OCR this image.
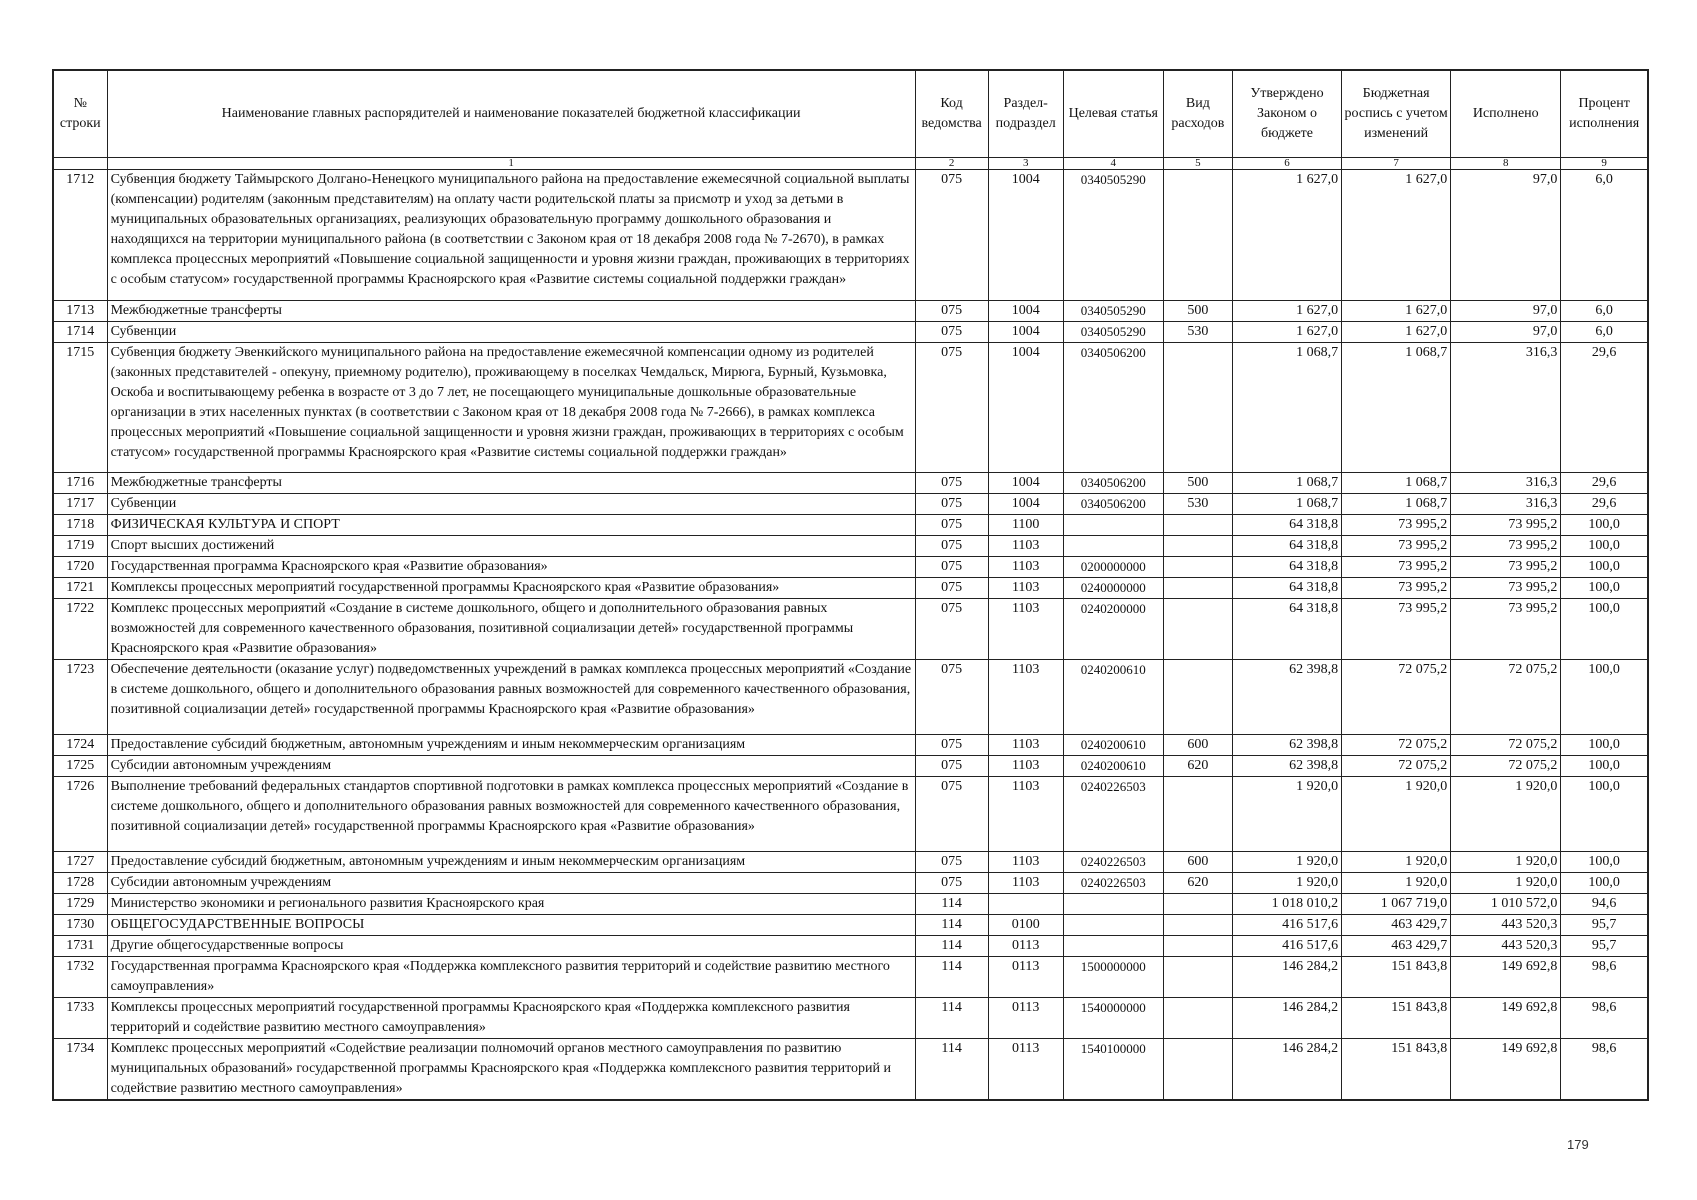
№ строки	Наименование главных распорядителей и наименование показателей бюджетной классификации	Код ведомства	Раздел-подраздел	Целевая статья	Вид расходов	Утверждено Законом о бюджете	Бюджетная роспись с учетом изменений	Исполнено	Процент исполнения
	1	2	3	4	5	6	7	8	9
1712	Субвенция бюджету Таймырского Долгано-Ненецкого муниципального района на предоставление ежемесячной социальной выплаты (компенсации) родителям (законным представителям) на оплату части родительской платы за присмотр и уход за детьми в муниципальных образовательных организациях, реализующих образовательную программу дошкольного образования и находящихся на территории муниципального района (в соответствии с Законом края от 18 декабря 2008 года № 7-2670), в рамках комплекса процессных мероприятий «Повышение социальной защищенности и уровня жизни граждан, проживающих в территориях с особым статусом» государственной программы Красноярского края «Развитие системы социальной поддержки граждан»	075	1004	0340505290		1 627,0	1 627,0	97,0	6,0
1713	Межбюджетные трансферты	075	1004	0340505290	500	1 627,0	1 627,0	97,0	6,0
1714	Субвенции	075	1004	0340505290	530	1 627,0	1 627,0	97,0	6,0
1715	Субвенция бюджету Эвенкийского муниципального района на предоставление ежемесячной компенсации одному из родителей (законных представителей - опекуну, приемному родителю), проживающему в поселках Чемдальск, Мирюга, Бурный, Кузьмовка, Оскоба и воспитывающему ребенка в возрасте от 3 до 7 лет, не посещающего муниципальные дошкольные образовательные организации в этих населенных пунктах (в соответствии с Законом края от 18 декабря 2008 года № 7-2666), в рамках комплекса процессных мероприятий «Повышение социальной защищенности и уровня жизни граждан, проживающих в территориях с особым статусом» государственной программы Красноярского края «Развитие системы социальной поддержки граждан»	075	1004	0340506200		1 068,7	1 068,7	316,3	29,6
1716	Межбюджетные трансферты	075	1004	0340506200	500	1 068,7	1 068,7	316,3	29,6
1717	Субвенции	075	1004	0340506200	530	1 068,7	1 068,7	316,3	29,6
1718	ФИЗИЧЕСКАЯ КУЛЬТУРА И СПОРТ	075	1100			64 318,8	73 995,2	73 995,2	100,0
1719	Спорт высших достижений	075	1103			64 318,8	73 995,2	73 995,2	100,0
1720	Государственная программа Красноярского края «Развитие образования»	075	1103	0200000000		64 318,8	73 995,2	73 995,2	100,0
1721	Комплексы процессных мероприятий государственной программы Красноярского края «Развитие образования»	075	1103	0240000000		64 318,8	73 995,2	73 995,2	100,0
1722	Комплекс процессных мероприятий «Создание в системе дошкольного, общего и дополнительного образования равных возможностей для современного качественного образования, позитивной социализации детей» государственной программы Красноярского края «Развитие образования»	075	1103	0240200000		64 318,8	73 995,2	73 995,2	100,0
1723	Обеспечение деятельности (оказание услуг) подведомственных учреждений в рамках комплекса процессных мероприятий «Создание в системе дошкольного, общего и дополнительного образования равных возможностей для современного качественного образования, позитивной социализации детей» государственной программы Красноярского края «Развитие образования»	075	1103	0240200610		62 398,8	72 075,2	72 075,2	100,0
1724	Предоставление субсидий бюджетным, автономным учреждениям и иным некоммерческим организациям	075	1103	0240200610	600	62 398,8	72 075,2	72 075,2	100,0
1725	Субсидии автономным учреждениям	075	1103	0240200610	620	62 398,8	72 075,2	72 075,2	100,0
1726	Выполнение требований федеральных стандартов спортивной подготовки в рамках комплекса процессных мероприятий «Создание в системе дошкольного, общего и дополнительного образования равных возможностей для современного качественного образования, позитивной социализации детей» государственной программы Красноярского края «Развитие образования»	075	1103	0240226503		1 920,0	1 920,0	1 920,0	100,0
1727	Предоставление субсидий бюджетным, автономным учреждениям и иным некоммерческим организациям	075	1103	0240226503	600	1 920,0	1 920,0	1 920,0	100,0
1728	Субсидии автономным учреждениям	075	1103	0240226503	620	1 920,0	1 920,0	1 920,0	100,0
1729	Министерство экономики и регионального развития Красноярского края	114				1 018 010,2	1 067 719,0	1 010 572,0	94,6
1730	ОБЩЕГОСУДАРСТВЕННЫЕ ВОПРОСЫ	114	0100			416 517,6	463 429,7	443 520,3	95,7
1731	Другие общегосударственные вопросы	114	0113			416 517,6	463 429,7	443 520,3	95,7
1732	Государственная программа Красноярского края «Поддержка комплексного развития территорий и содействие развитию местного самоуправления»	114	0113	1500000000		146 284,2	151 843,8	149 692,8	98,6
1733	Комплексы процессных мероприятий государственной программы Красноярского края «Поддержка комплексного развития территорий и содействие развитию местного самоуправления»	114	0113	1540000000		146 284,2	151 843,8	149 692,8	98,6
1734	Комплекс процессных мероприятий «Содействие реализации полномочий органов местного самоуправления по развитию муниципальных образований» государственной программы Красноярского края «Поддержка комплексного развития территорий и содействие развитию местного самоуправления»	114	0113	1540100000		146 284,2	151 843,8	149 692,8	98,6
179
